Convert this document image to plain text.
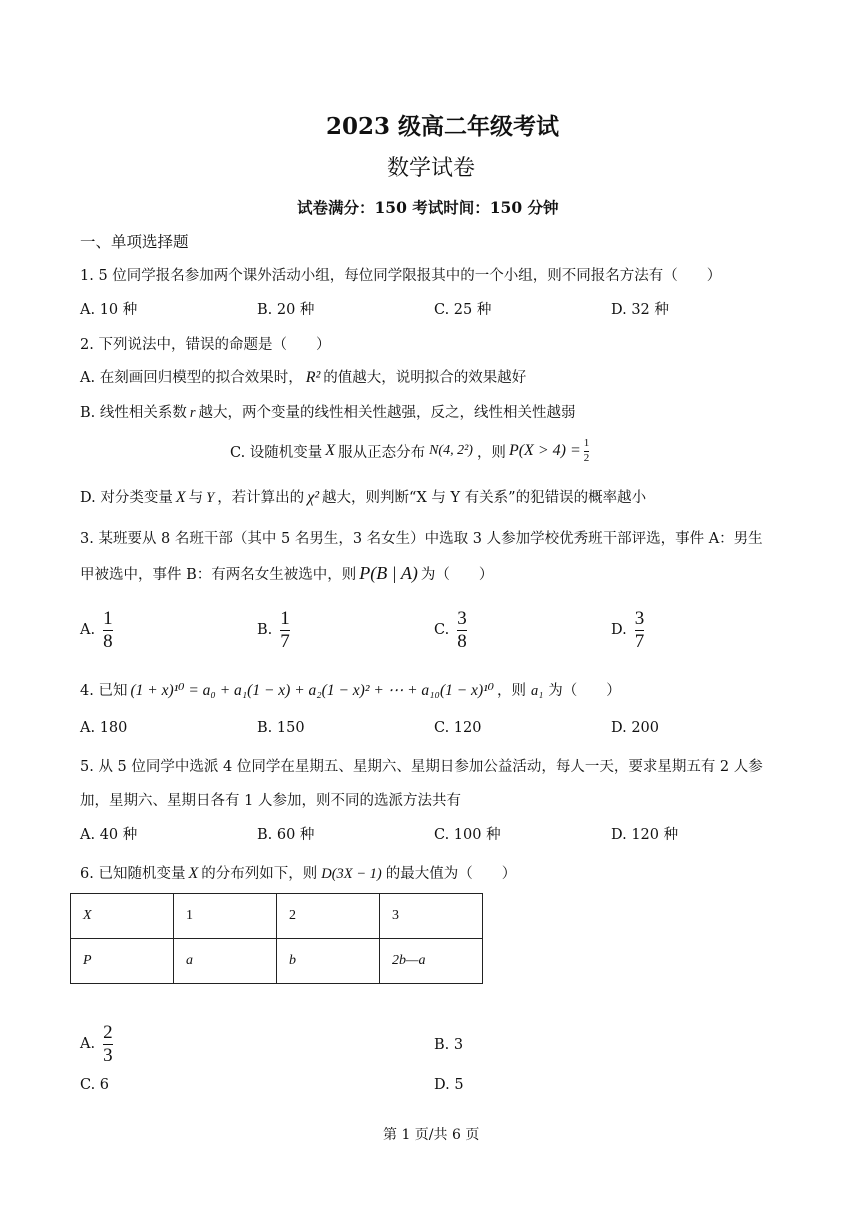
2023 级高二年级考试
数学试卷
试卷满分：150 考试时间：150 分钟
一、单项选择题
1. 5 位同学报名参加两个课外活动小组，每位同学限报其中的一个小组，则不同报名方法有（　　）
A. 10 种	B. 20 种	C. 25 种	D. 32 种
2. 下列说法中，错误的命题是（　　）
A. 在刻画回归模型的拟合效果时， R² 的值越大，说明拟合的效果越好
B. 线性相关系数 r 越大，两个变量的线性相关性越强，反之，线性相关性越弱
C. 设随机变量 X 服从正态分布 N(4, 2²) ，则 $P(X > 4) = \frac{1}{2}$
D. 对分类变量 X 与 Y ，若计算出的 χ² 越大，则判断“X 与 Y 有关系”的犯错误的概率越小
3. 某班要从 8 名班干部（其中 5 名男生，3 名女生）中选取 3 人参加学校优秀班干部评选，事件 A：男生
甲被选中，事件 B：有两名女生被选中，则 P(B | A) 为（　　）
A. $\frac{1}{8}$	B. $\frac{1}{7}$	C. $\frac{3}{8}$	D. $\frac{3}{7}$
4. 已知 (1 + x)¹⁰ = a₀ + a₁(1 − x) + a₂(1 − x)² + ⋯ + a₁₀(1 − x)¹⁰ ，则 a₁ 为（　　）
A. 180	B. 150	C. 120	D. 200
5. 从 5 位同学中选派 4 位同学在星期五、星期六、星期日参加公益活动，每人一天，要求星期五有 2 人参
加，星期六、星期日各有 1 人参加，则不同的选派方法共有
A. 40 种	B. 60 种	C. 100 种	D. 120 种
6. 已知随机变量 X 的分布列如下，则 D(3X − 1) 的最大值为（　　）
X	1	2	3
P	a	b	2b—a
A. $\frac{2}{3}$	B. 3
C. 6	D. 5
第 1 页/共 6 页
